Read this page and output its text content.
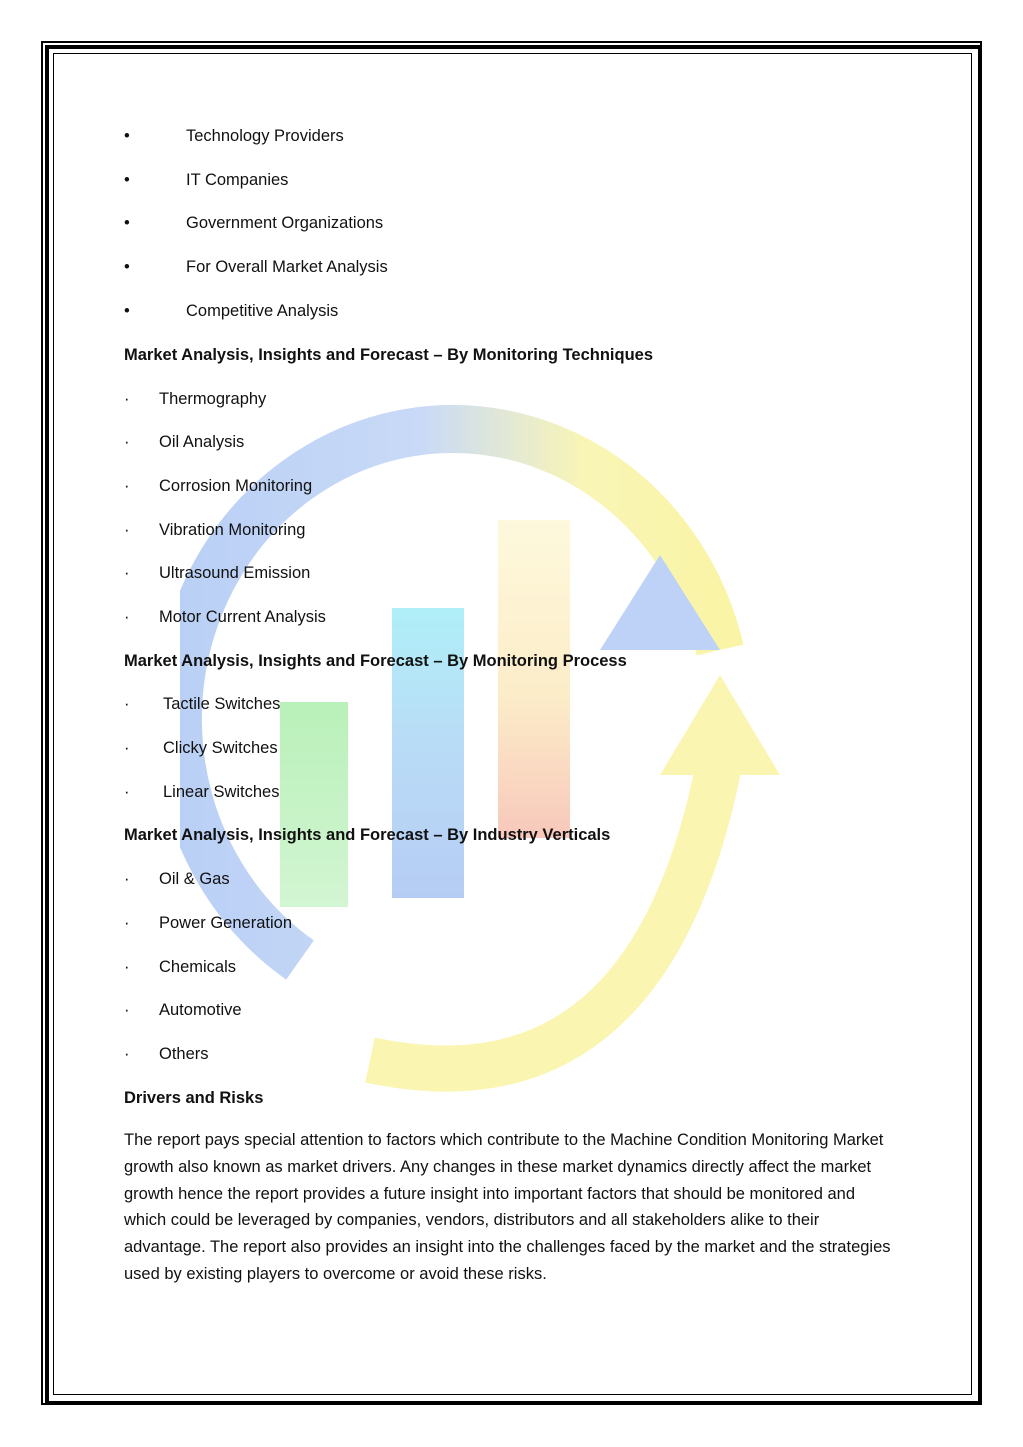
•	Technology Providers
•	IT Companies
•	Government Organizations
•	For Overall Market Analysis
•	Competitive Analysis
Market Analysis, Insights and Forecast – By Monitoring Techniques
· Thermography
· Oil Analysis
· Corrosion Monitoring
· Vibration Monitoring
· Ultrasound Emission
· Motor Current Analysis
Market Analysis, Insights and Forecast – By Monitoring Process
· Tactile Switches
· Clicky Switches
· Linear Switches
Market Analysis, Insights and Forecast – By Industry Verticals
· Oil & Gas
· Power Generation
· Chemicals
· Automotive
· Others
Drivers and Risks
The report pays special attention to factors which contribute to the Machine Condition Monitoring Market growth also known as market drivers. Any changes in these market dynamics directly affect the market growth hence the report provides a future insight into important factors that should be monitored and which could be leveraged by companies, vendors, distributors and all stakeholders alike to their advantage. The report also provides an insight into the challenges faced by the market and the strategies used by existing players to overcome or avoid these risks.
